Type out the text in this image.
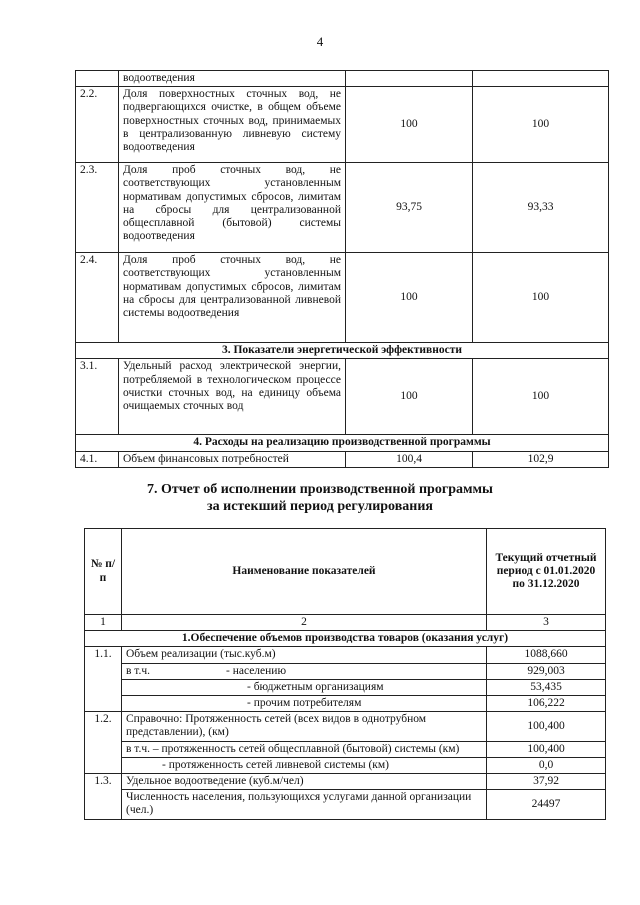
4
	водоотведения		
2.2.	Доля поверхностных сточных вод, не подвергающихся очистке, в общем объеме поверхностных сточных вод, принимаемых в централизованную ливневую систему водоотведения	100	100
2.3.	Доля проб сточных вод, не соответствующих установленным нормативам допустимых сбросов, лимитам на сбросы для централизованной общесплавной (бытовой) системы водоотведения	93,75	93,33
2.4.	Доля проб сточных вод, не соответствующих установленным нормативам допустимых сбросов, лимитам на сбросы для централизованной ливневой системы водоотведения	100	100
3. Показатели энергетической эффективности			
3.1.	Удельный расход электрической энергии, потребляемой в технологическом процессе очистки сточных вод, на единицу объема очищаемых сточных вод	100	100
4. Расходы на реализацию производственной программы			
4.1.	Объем финансовых потребностей	100,4	102,9
7. Отчет об исполнении производственной программы
за истекший период регулирования
№ п/п	Наименование показателей	Текущий отчетный период с 01.01.2020 по 31.12.2020
1	2	3
1.Обеспечение объемов производства товаров (оказания услуг)		
1.1.	Объем реализации (тыс.куб.м)	1088,660

	в т.ч. - населению	929,003
	- бюджетным организациям	53,435
	- прочим потребителям	106,222
1.2.	Справочно: Протяженность сетей (всех видов в однотрубном представлении), (км)	100,400
	в т.ч. – протяженность сетей общесплавной (бытовой) системы (км)	100,400
	- протяженность сетей ливневой системы (км)	0,0
1.3.	Удельное водоотведение (куб.м/чел)	37,92
	Численность населения, пользующихся услугами данной организации (чел.)	24497
